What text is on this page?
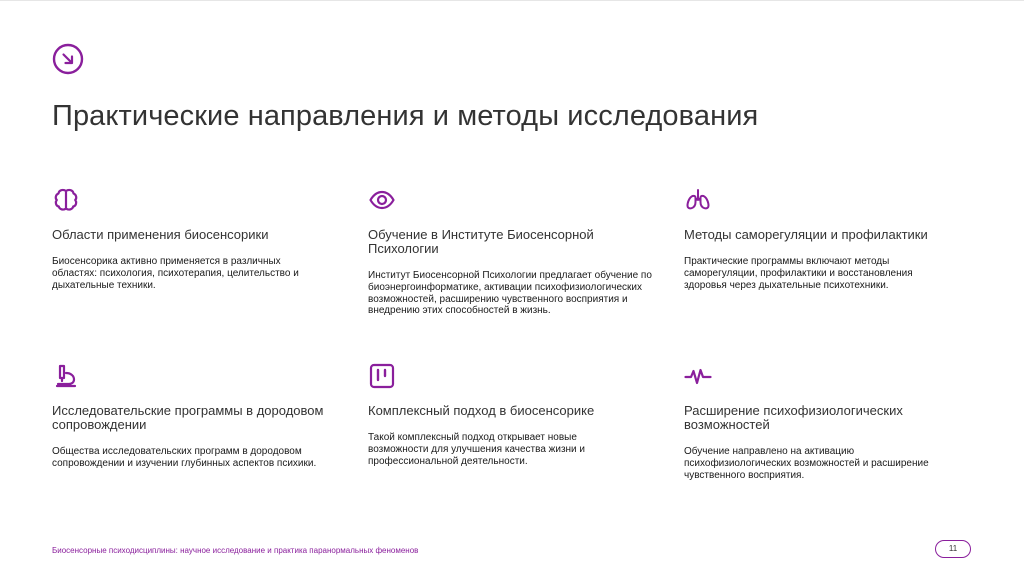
Практические направления и методы исследования
Области применения биосенсорики
Биосенсорика активно применяется в различных областях: психология, психотерапия, целительство и дыхательные техники.
Обучение в Институте Биосенсорной Психологии
Институт Биосенсорной Психологии предлагает обучение по биоэнергоинформатике, активации психофизиологических возможностей, расширению чувственного восприятия и внедрению этих способностей в жизнь.
Методы саморегуляции и профилактики
Практические программы включают методы саморегуляции, профилактики и восстановления здоровья через дыхательные психотехники.
Исследовательские программы в дородовом сопровождении
Общества исследовательских программ в дородовом сопровождении и изучении глубинных аспектов психики.
Комплексный подход в биосенсорике
Такой комплексный подход открывает новые возможности для улучшения качества жизни и профессиональной деятельности.
Расширение психофизиологических возможностей
Обучение направлено на активацию психофизиологических возможностей и расширение чувственного восприятия.
Биосенсорные психодисциплины: научное исследование и практика паранормальных феноменов	11
